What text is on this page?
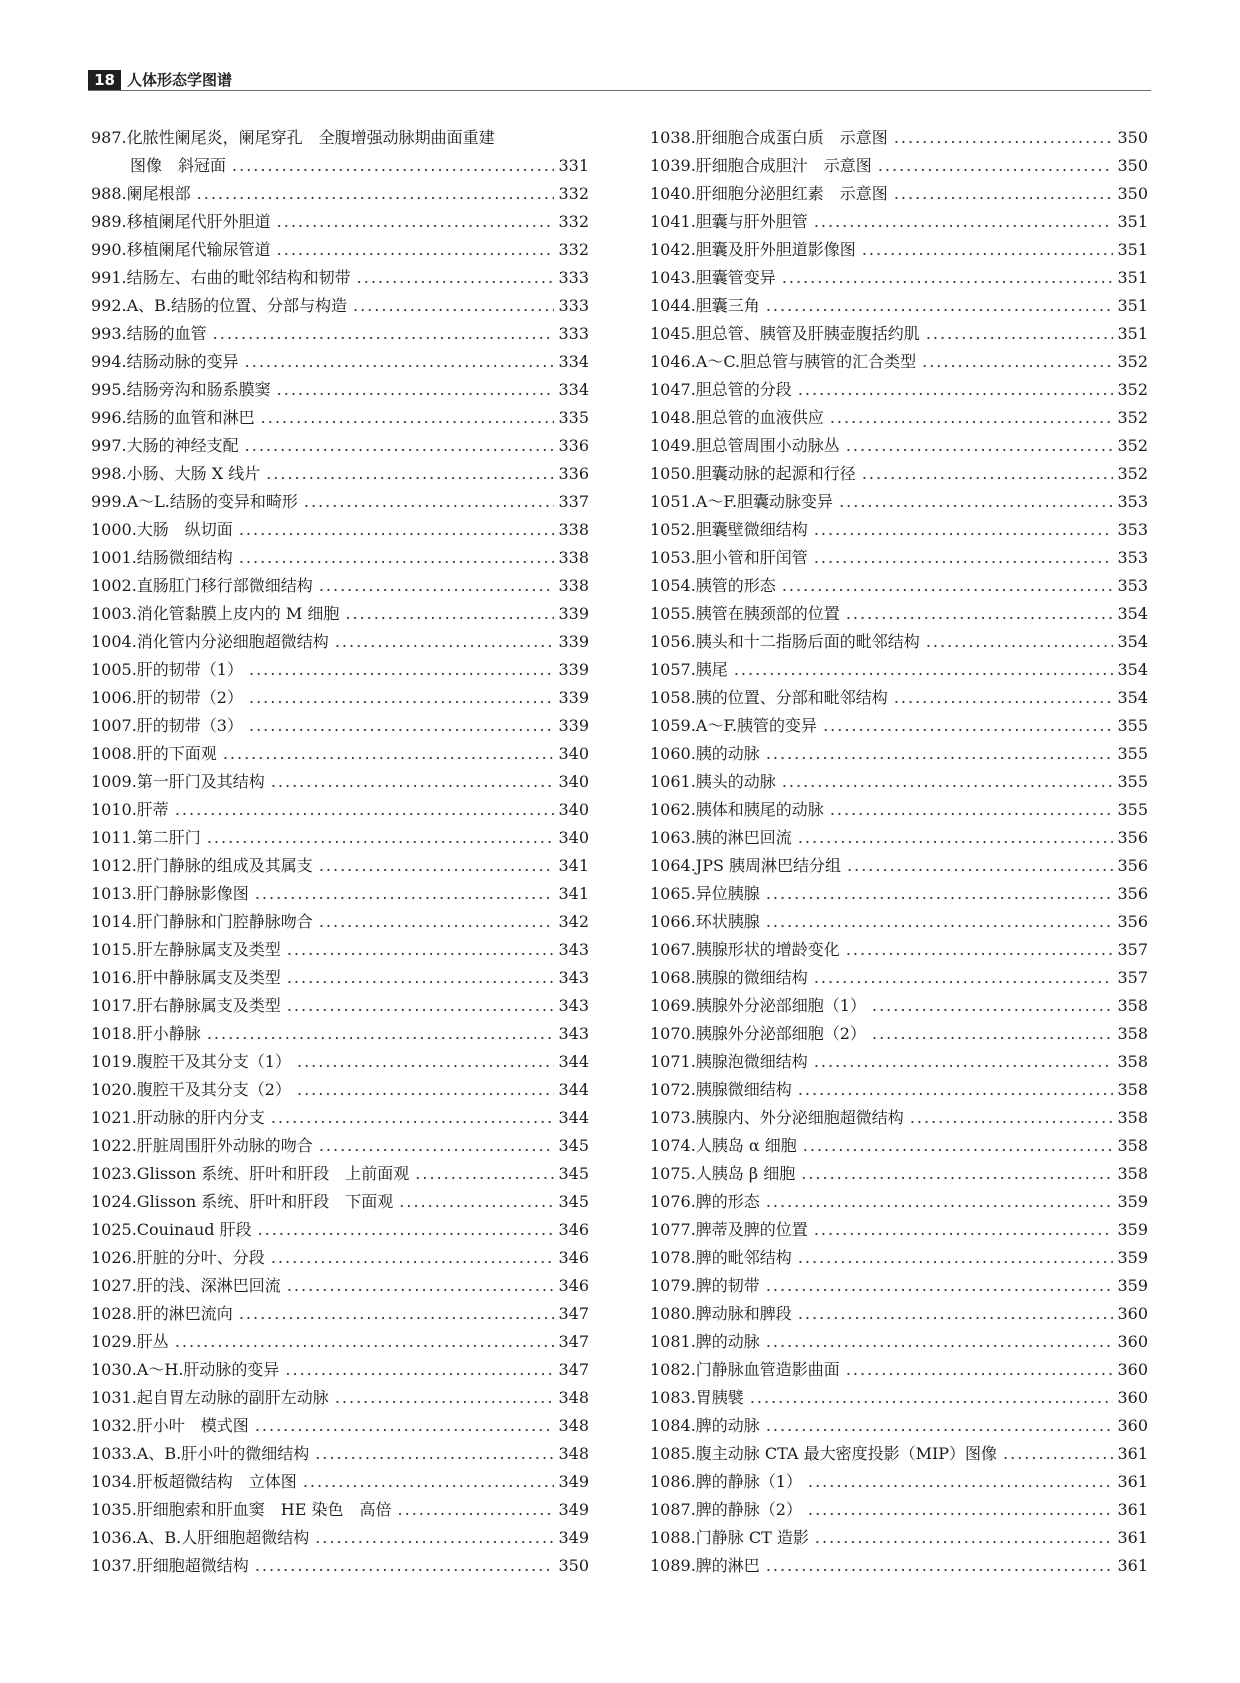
18 人体形态学图谱
987.化脓性阑尾炎，阑尾穿孔　全腹增强动脉期曲面重建
图像　斜冠面 .....	331
988.阑尾根部 .....	332
989.移植阑尾代肝外胆道 .....	332
990.移植阑尾代输尿管道 .....	332
991.结肠左、右曲的毗邻结构和韧带 .....	333
992.A、B.结肠的位置、分部与构造 .....	333
993.结肠的血管 .....	333
994.结肠动脉的变异 .....	334
995.结肠旁沟和肠系膜窦 .....	334
996.结肠的血管和淋巴 .....	335
997.大肠的神经支配 .....	336
998.小肠、大肠 X 线片 .....	336
999.A～L.结肠的变异和畸形 .....	337
1000.大肠　纵切面 .....	338
1001.结肠微细结构 .....	338
1002.直肠肛门移行部微细结构 .....	338
1003.消化管黏膜上皮内的 M 细胞 .....	339
1004.消化管内分泌细胞超微结构 .....	339
1005.肝的韧带（1） .....	339
1006.肝的韧带（2） .....	339
1007.肝的韧带（3） .....	339
1008.肝的下面观 .....	340
1009.第一肝门及其结构 .....	340
1010.肝蒂 .....	340
1011.第二肝门 .....	340
1012.肝门静脉的组成及其属支 .....	341
1013.肝门静脉影像图 .....	341
1014.肝门静脉和门腔静脉吻合 .....	342
1015.肝左静脉属支及类型 .....	343
1016.肝中静脉属支及类型 .....	343
1017.肝右静脉属支及类型 .....	343
1018.肝小静脉 .....	343
1019.腹腔干及其分支（1） .....	344
1020.腹腔干及其分支（2） .....	344
1021.肝动脉的肝内分支 .....	344
1022.肝脏周围肝外动脉的吻合 .....	345
1023.Glisson 系统、肝叶和肝段　上前面观 .....	345
1024.Glisson 系统、肝叶和肝段　下面观 .....	345
1025.Couinaud 肝段 .....	346
1026.肝脏的分叶、分段 .....	346
1027.肝的浅、深淋巴回流 .....	346
1028.肝的淋巴流向 .....	347
1029.肝丛 .....	347
1030.A～H.肝动脉的变异 .....	347
1031.起自胃左动脉的副肝左动脉 .....	348
1032.肝小叶　模式图 .....	348
1033.A、B.肝小叶的微细结构 .....	348
1034.肝板超微结构　立体图 .....	349
1035.肝细胞索和肝血窦　HE 染色　高倍 .....	349
1036.A、B.人肝细胞超微结构 .....	349
1037.肝细胞超微结构 .....	350
1038.肝细胞合成蛋白质　示意图 .....	350
1039.肝细胞合成胆汁　示意图 .....	350
1040.肝细胞分泌胆红素　示意图 .....	350
1041.胆囊与肝外胆管 .....	351
1042.胆囊及肝外胆道影像图 .....	351
1043.胆囊管变异 .....	351
1044.胆囊三角 .....	351
1045.胆总管、胰管及肝胰壶腹括约肌 .....	351
1046.A～C.胆总管与胰管的汇合类型 .....	352
1047.胆总管的分段 .....	352
1048.胆总管的血液供应 .....	352
1049.胆总管周围小动脉丛 .....	352
1050.胆囊动脉的起源和行径 .....	352
1051.A～F.胆囊动脉变异 .....	353
1052.胆囊壁微细结构 .....	353
1053.胆小管和肝闰管 .....	353
1054.胰管的形态 .....	353
1055.胰管在胰颈部的位置 .....	354
1056.胰头和十二指肠后面的毗邻结构 .....	354
1057.胰尾 .....	354
1058.胰的位置、分部和毗邻结构 .....	354
1059.A～F.胰管的变异 .....	355
1060.胰的动脉 .....	355
1061.胰头的动脉 .....	355
1062.胰体和胰尾的动脉 .....	355
1063.胰的淋巴回流 .....	356
1064.JPS 胰周淋巴结分组 .....	356
1065.异位胰腺 .....	356
1066.环状胰腺 .....	356
1067.胰腺形状的增龄变化 .....	357
1068.胰腺的微细结构 .....	357
1069.胰腺外分泌部细胞（1） .....	358
1070.胰腺外分泌部细胞（2） .....	358
1071.胰腺泡微细结构 .....	358
1072.胰腺微细结构 .....	358
1073.胰腺内、外分泌细胞超微结构 .....	358
1074.人胰岛 α 细胞 .....	358
1075.人胰岛 β 细胞 .....	358
1076.脾的形态 .....	359
1077.脾蒂及脾的位置 .....	359
1078.脾的毗邻结构 .....	359
1079.脾的韧带 .....	359
1080.脾动脉和脾段 .....	360
1081.脾的动脉 .....	360
1082.门静脉血管造影曲面 .....	360
1083.胃胰襞 .....	360
1084.脾的动脉 .....	360
1085.腹主动脉 CTA 最大密度投影（MIP）图像 .....	361
1086.脾的静脉（1） .....	361
1087.脾的静脉（2） .....	361
1088.门静脉 CT 造影 .....	361
1089.脾的淋巴 .....	361
